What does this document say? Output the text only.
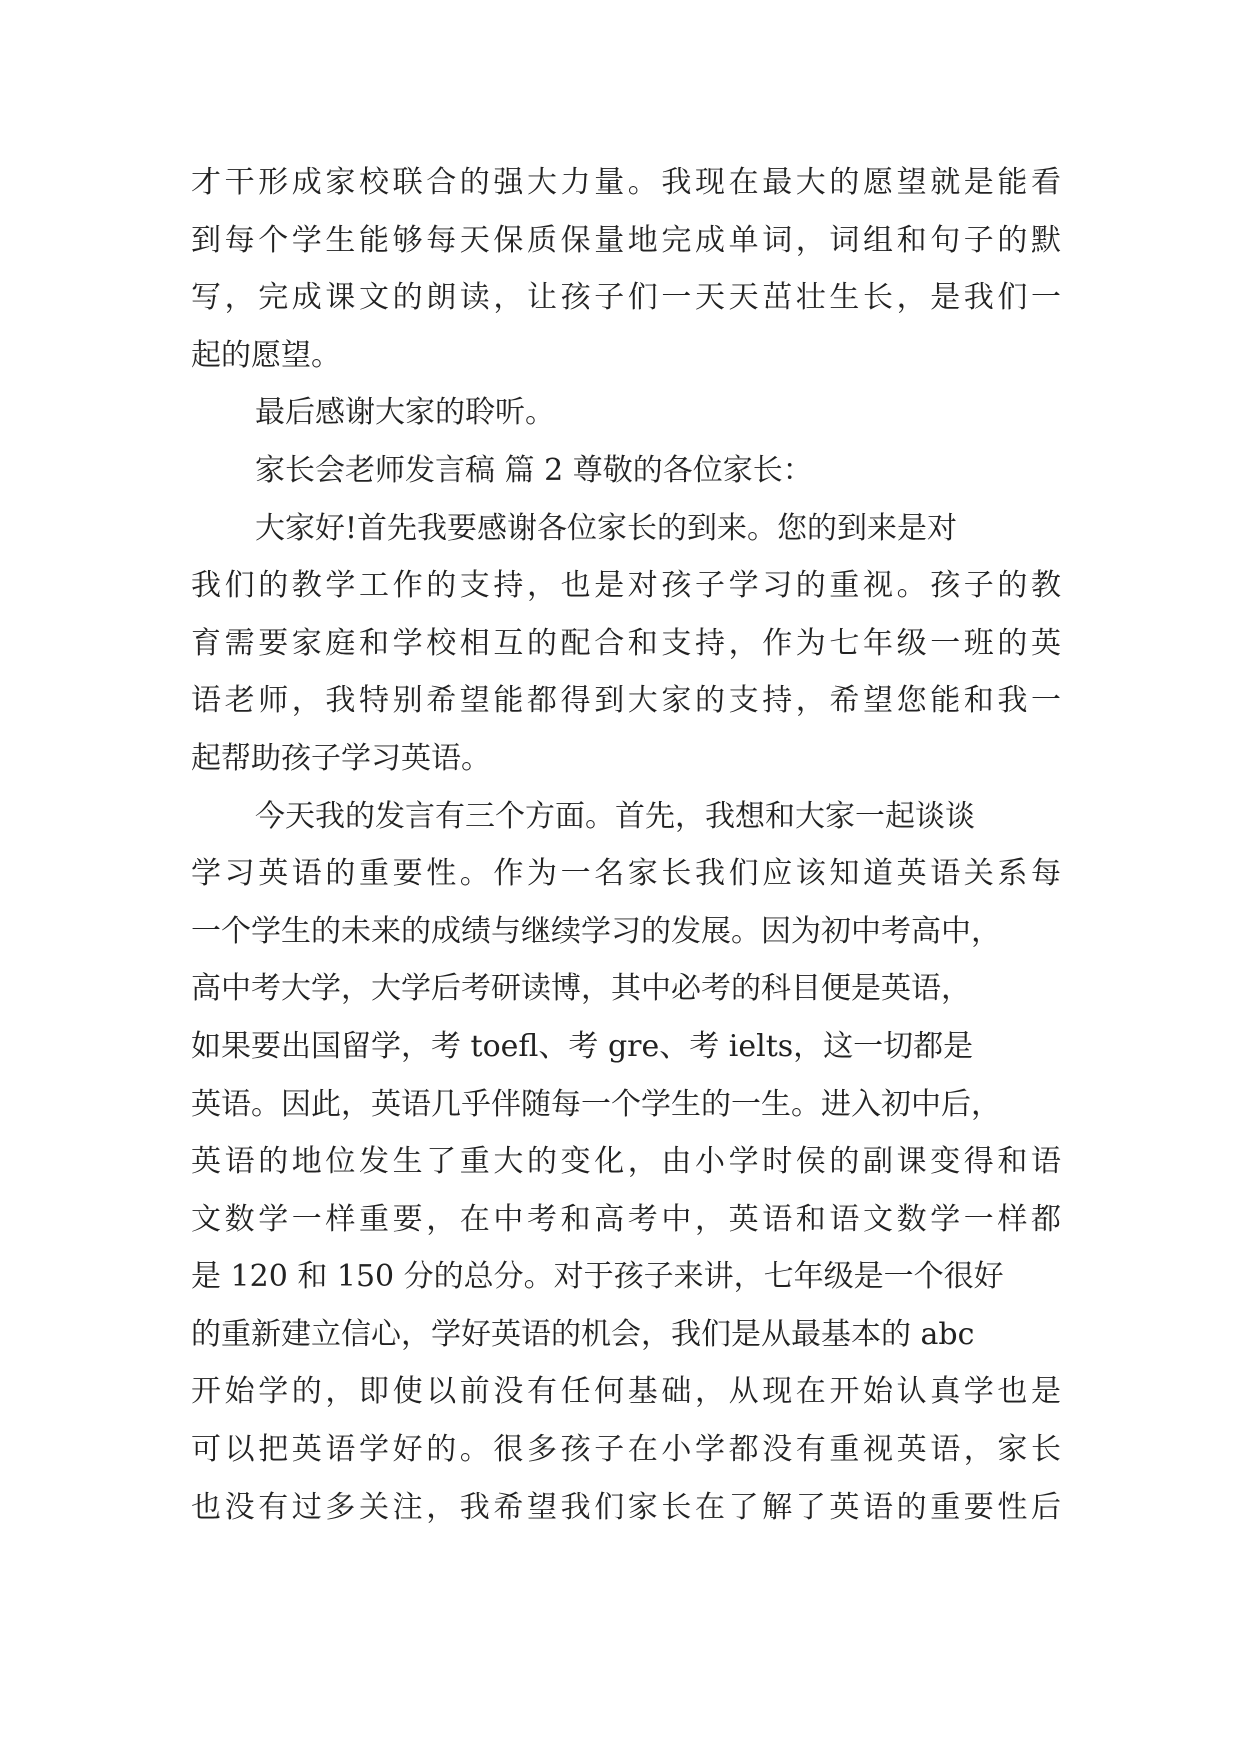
才干形成家校联合的强大力量。我现在最大的愿望就是能看
到每个学生能够每天保质保量地完成单词，词组和句子的默
写，完成课文的朗读，让孩子们一天天茁壮生长，是我们一
起的愿望。
最后感谢大家的聆听。
家长会老师发言稿 篇 2 尊敬的各位家长：
大家好!首先我要感谢各位家长的到来。您的到来是对
我们的教学工作的支持，也是对孩子学习的重视。孩子的教
育需要家庭和学校相互的配合和支持，作为七年级一班的英
语老师，我特别希望能都得到大家的支持，希望您能和我一
起帮助孩子学习英语。
今天我的发言有三个方面。首先，我想和大家一起谈谈
学习英语的重要性。作为一名家长我们应该知道英语关系每
一个学生的未来的成绩与继续学习的发展。因为初中考高中，
高中考大学，大学后考研读博，其中必考的科目便是英语，
如果要出国留学，考 toefl、考 gre、考 ielts，这一切都是
英语。因此，英语几乎伴随每一个学生的一生。进入初中后，
英语的地位发生了重大的变化，由小学时侯的副课变得和语
文数学一样重要，在中考和高考中，英语和语文数学一样都
是 120 和 150 分的总分。对于孩子来讲，七年级是一个很好
的重新建立信心，学好英语的机会，我们是从最基本的 abc
开始学的，即使以前没有任何基础，从现在开始认真学也是
可以把英语学好的。很多孩子在小学都没有重视英语，家长
也没有过多关注，我希望我们家长在了解了英语的重要性后
